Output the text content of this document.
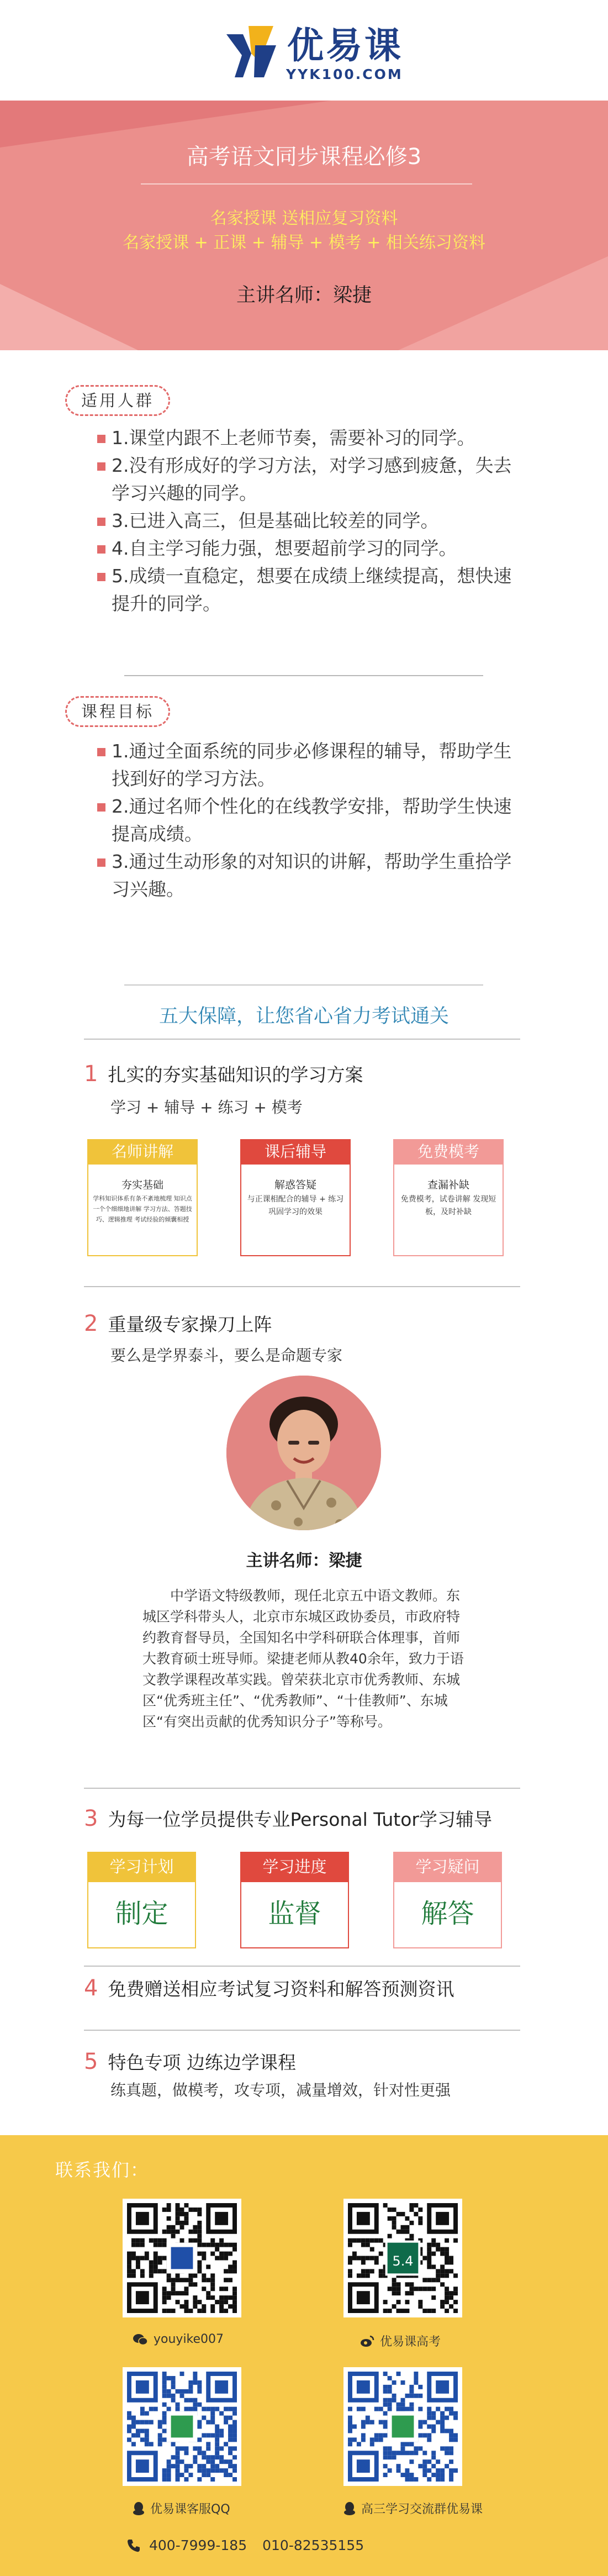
优易课
YYK100.COM
高考语文同步课程必修3
名家授课 送相应复习资料
名家授课 + 正课 + 辅导 + 模考 + 相关练习资料
主讲名师：梁捷
适用人群
1.课堂内跟不上老师节奏，需要补习的同学。
2.没有形成好的学习方法，对学习感到疲惫，失去学习兴趣的同学。
3.已进入高三，但是基础比较差的同学。
4.自主学习能力强，想要超前学习的同学。
5.成绩一直稳定，想要在成绩上继续提高，想快速提升的同学。
课程目标
1.通过全面系统的同步必修课程的辅导，帮助学生找到好的学习方法。
2.通过名师个性化的在线教学安排，帮助学生快速提高成绩。
3.通过生动形象的对知识的讲解，帮助学生重拾学习兴趣。
五大保障，让您省心省力考试通关
1 扎实的夯实基础知识的学习方案
学习 + 辅导 + 练习 + 模考
名师讲解
夯实基础
学科知识体系有条不紊地梳理 知识点一个个细细地讲解 学习方法、答题技巧、逻辑推理 考试经验的倾囊相授
课后辅导
解惑答疑
与正课相配合的辅导 + 练习巩固学习的效果
免费模考
查漏补缺
免费模考，试卷讲解 发现短板，及时补缺
2 重量级专家操刀上阵
要么是学界泰斗，要么是命题专家
主讲名师：梁捷
中学语文特级教师，现任北京五中语文教师。东城区学科带头人，北京市东城区政协委员，市政府特约教育督导员，全国知名中学科研联合体理事，首师大教育硕士班导师。梁捷老师从教40余年，致力于语文教学课程改革实践。曾荣获北京市优秀教师、东城区“优秀班主任”、“优秀教师”、“十佳教师”、东城区“有突出贡献的优秀知识分子”等称号。
3 为每一位学员提供专业Personal Tutor学习辅导
学习计划
制定
学习进度
监督
学习疑问
解答
4 免费赠送相应考试复习资料和解答预测资讯
5 特色专项 边练边学课程
练真题，做模考，攻专项，减量增效，针对性更强
联系我们：
5.4
youyike007	优易课高考
优易课客服QQ	高三学习交流群优易课
400-7999-185 010-82535155
